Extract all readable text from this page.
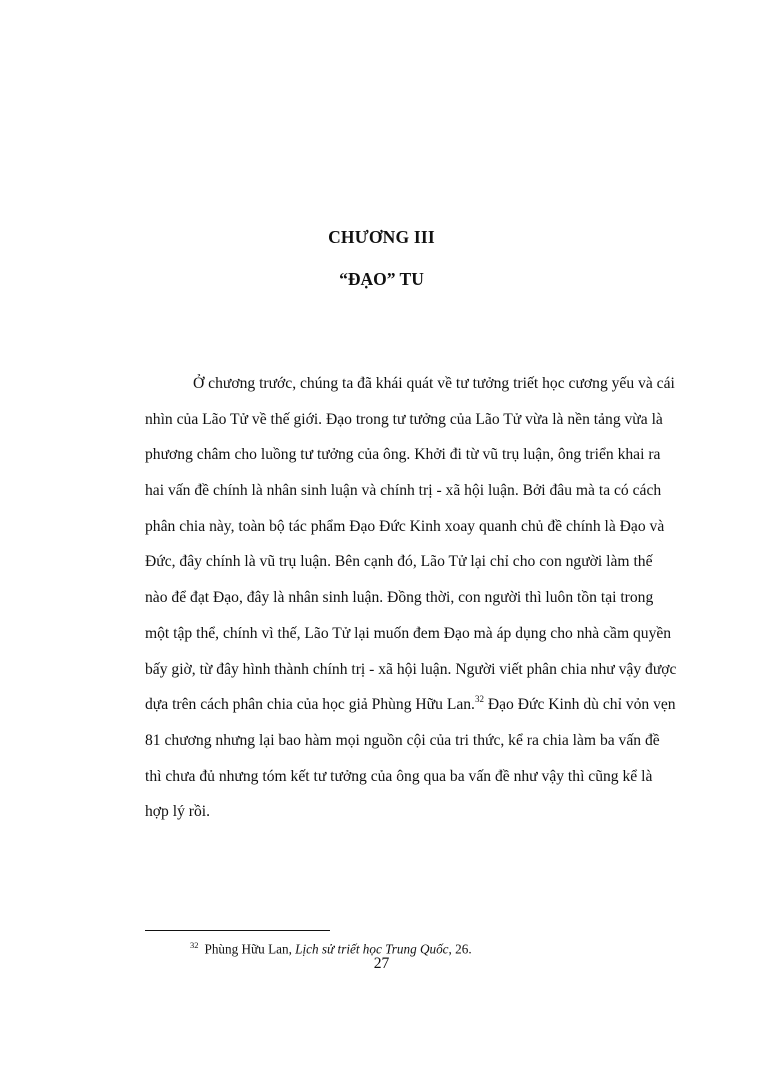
CHƯƠNG III
“ĐẠO” TU
Ở chương trước, chúng ta đã khái quát về tư tưởng triết học cương yếu và cái
nhìn của Lão Tử về thế giới. Đạo trong tư tưởng của Lão Tử vừa là nền tảng vừa là
phương châm cho luồng tư tưởng của ông. Khởi đi từ vũ trụ luận, ông triển khai ra
hai vấn đề chính là nhân sinh luận và chính trị - xã hội luận. Bởi đâu mà ta có cách
phân chia này, toàn bộ tác phẩm Đạo Đức Kinh xoay quanh chủ đề chính là Đạo và
Đức, đây chính là vũ trụ luận. Bên cạnh đó, Lão Tử lại chỉ cho con người làm thế
nào để đạt Đạo, đây là nhân sinh luận. Đồng thời, con người thì luôn tồn tại trong
một tập thể, chính vì thế, Lão Tử lại muốn đem Đạo mà áp dụng cho nhà cầm quyền
bấy giờ, từ đây hình thành chính trị - xã hội luận. Người viết phân chia như vậy được
dựa trên cách phân chia của học giả Phùng Hữu Lan.$^{32}$ Đạo Đức Kinh dù chỉ vỏn vẹn
81 chương nhưng lại bao hàm mọi nguồn cội của tri thức, kể ra chia làm ba vấn đề
thì chưa đủ nhưng tóm kết tư tưởng của ông qua ba vấn đề như vậy thì cũng kể là
hợp lý rồi.
$^{32}$ Phùng Hữu Lan, Lịch sử triết học Trung Quốc, 26.
27
